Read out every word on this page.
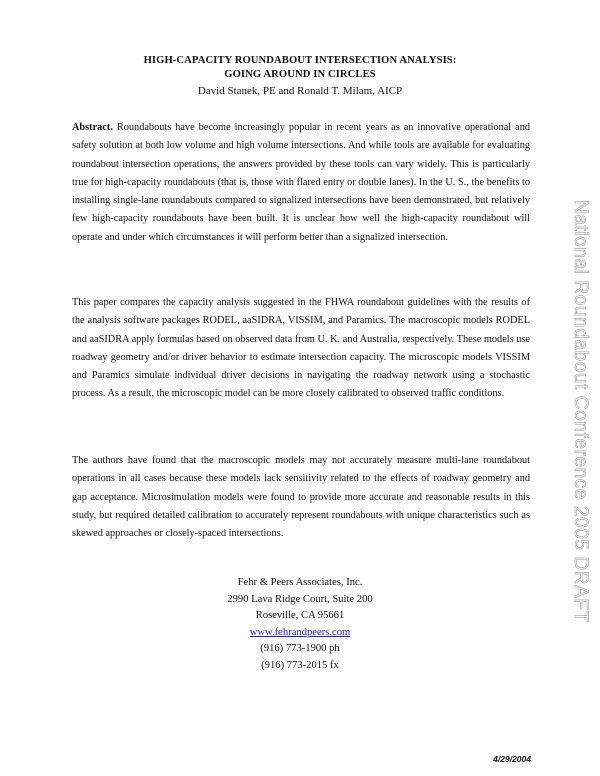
HIGH-CAPACITY ROUNDABOUT INTERSECTION ANALYSIS:
GOING AROUND IN CIRCLES
David Stanek, PE and Ronald T. Milam, AICP
Abstract. Roundabouts have become increasingly popular in recent years as an innovative operational and safety solution at both low volume and high volume intersections. And while tools are available for evaluating roundabout intersection operations, the answers provided by these tools can vary widely. This is particularly true for high-capacity roundabouts (that is, those with flared entry or double lanes). In the U. S., the benefits to installing single-lane roundabouts compared to signalized intersections have been demonstrated, but relatively few high-capacity roundabouts have been built. It is unclear how well the high-capacity roundabout will operate and under which circumstances it will perform better than a signalized intersection.
This paper compares the capacity analysis suggested in the FHWA roundabout guidelines with the results of the analysis software packages RODEL, aaSIDRA, VISSIM, and Paramics. The macroscopic models RODEL and aaSIDRA apply formulas based on observed data from U. K. and Australia, respectively. These models use roadway geometry and/or driver behavior to estimate intersection capacity. The microscopic models VISSIM and Paramics simulate individual driver decisions in navigating the roadway network using a stochastic process. As a result, the microscopic model can be more closely calibrated to observed traffic conditions.
The authors have found that the macroscopic models may not accurately measure multi-lane roundabout operations in all cases because these models lack sensitivity related to the effects of roadway geometry and gap acceptance. Microsimulation models were found to provide more accurate and reasonable results in this study, but required detailed calibration to accurately represent roundabouts with unique characteristics such as skewed approaches or closely-spaced intersections.
Fehr & Peers Associates, Inc.
2990 Lava Ridge Court, Suite 200
Roseville, CA 95661
www.fehrandpeers.com
(916) 773-1900 ph
(916) 773-2015 fx
4/29/2004
National Roundabout Conference 2005 DRAFT
